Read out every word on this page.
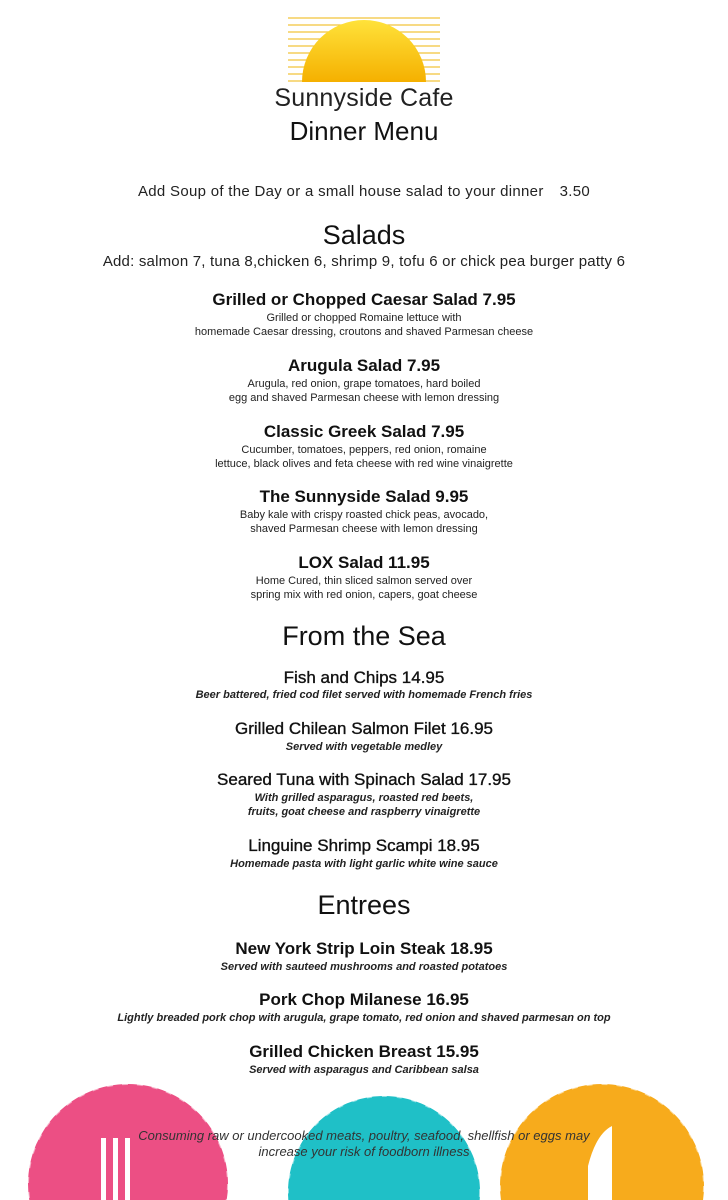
Sunnyside Cafe
Dinner Menu
Add Soup of the Day or a small house salad to your dinner 3.50
Salads
Add: salmon 7, tuna 8,chicken 6, shrimp 9, tofu 6 or chick pea burger patty 6
Grilled or Chopped Caesar Salad 7.95
Grilled or chopped Romaine lettuce with
homemade Caesar dressing, croutons and shaved Parmesan cheese
Arugula Salad 7.95
Arugula, red onion, grape tomatoes, hard boiled
egg and shaved Parmesan cheese with lemon dressing
Classic Greek Salad 7.95
Cucumber, tomatoes, peppers, red onion, romaine
lettuce, black olives and feta cheese with red wine vinaigrette
The Sunnyside Salad 9.95
Baby kale with crispy roasted chick peas, avocado,
shaved Parmesan cheese with lemon dressing
LOX Salad 11.95
Home Cured, thin sliced salmon served over
spring mix with red onion, capers, goat cheese
From the Sea
Fish and Chips 14.95
Beer battered, fried cod filet served with homemade French fries
Grilled Chilean Salmon Filet 16.95
Served with vegetable medley
Seared Tuna with Spinach Salad 17.95
With grilled asparagus, roasted red beets,
fruits, goat cheese and raspberry vinaigrette
Linguine Shrimp Scampi 18.95
Homemade pasta with light garlic white wine sauce
Entrees
New York Strip Loin Steak 18.95
Served with sauteed mushrooms and roasted potatoes
Pork Chop Milanese 16.95
Lightly breaded pork chop with arugula, grape tomato, red onion and shaved parmesan on top
Grilled Chicken Breast 15.95
Served with asparagus and Caribbean salsa
Consuming raw or undercooked meats, poultry, seafood, shellfish or eggs may
increase your risk of foodborn illness
